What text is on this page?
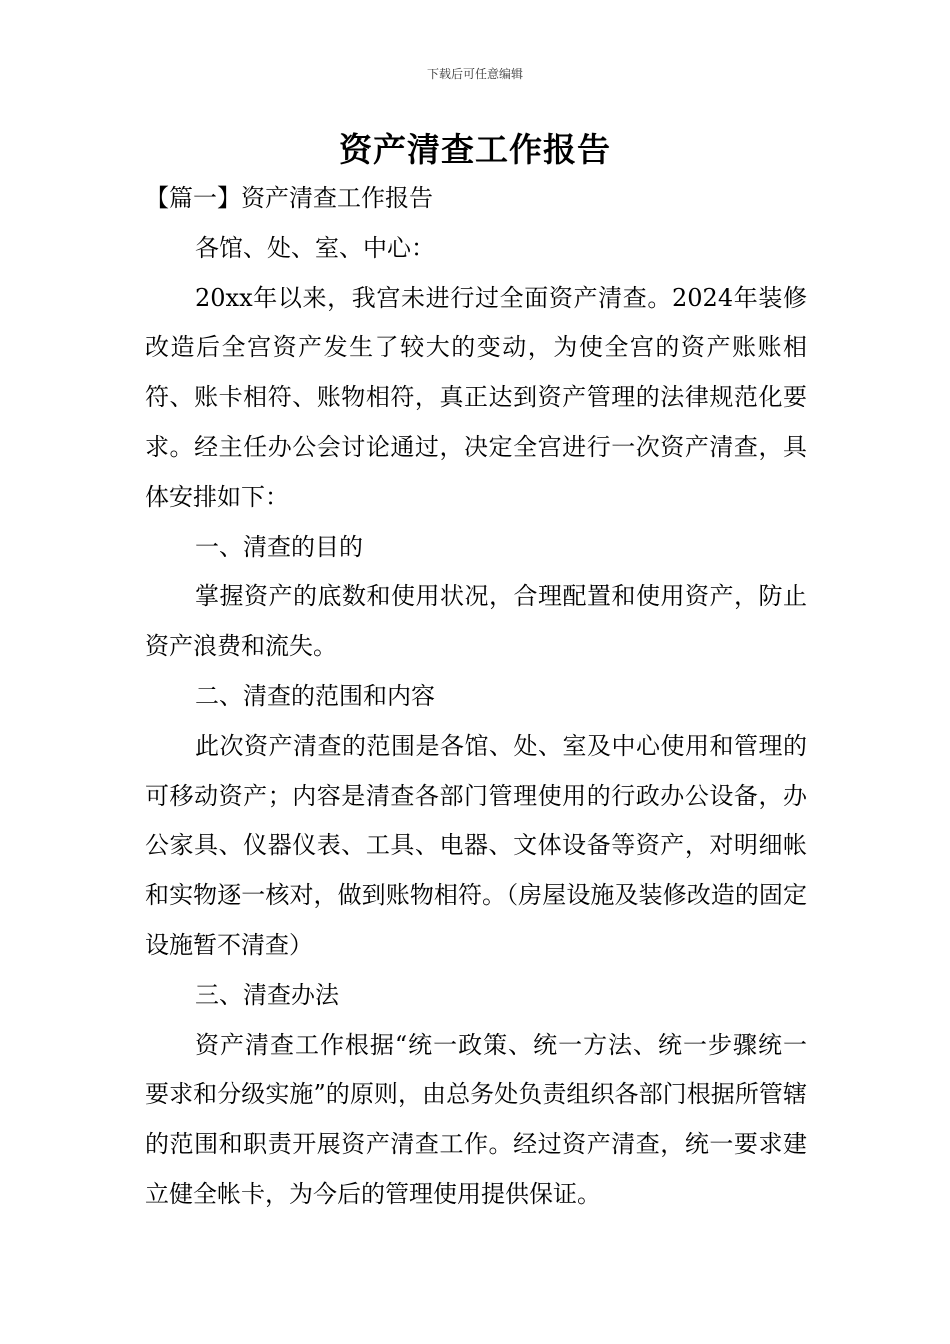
下载后可任意编辑
资产清查工作报告

【篇一】资产清查工作报告

各馆、处、室、中心：

20xx年以来，我宫未进行过全面资产清查。2024年装修改造后全宫资产发生了较大的变动，为使全宫的资产账账相符、账卡相符、账物相符，真正达到资产管理的法律规范化要求。经主任办公会讨论通过，决定全宫进行一次资产清查，具体安排如下：

一、清查的目的

掌握资产的底数和使用状况，合理配置和使用资产，防止资产浪费和流失。

二、清查的范围和内容

此次资产清查的范围是各馆、处、室及中心使用和管理的可移动资产；内容是清查各部门管理使用的行政办公设备，办公家具、仪器仪表、工具、电器、文体设备等资产，对明细帐和实物逐一核对，做到账物相符。（房屋设施及装修改造的固定设施暂不清查）

三、清查办法

资产清查工作根据“统一政策、统一方法、统一步骤统一要求和分级实施”的原则，由总务处负责组织各部门根据所管辖的范围和职责开展资产清查工作。经过资产清查，统一要求建立健全帐卡，为今后的管理使用提供保证。
